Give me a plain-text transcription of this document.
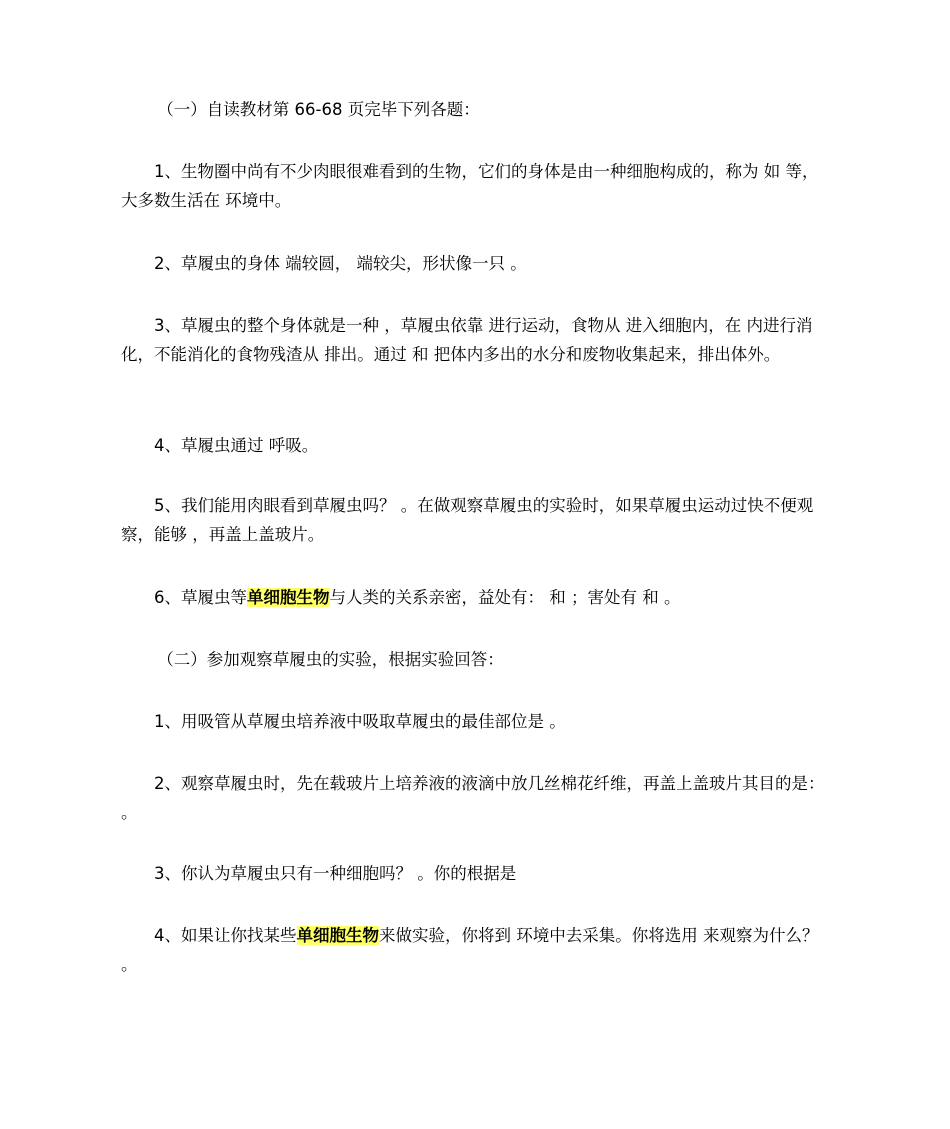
（一）自读教材第 66-68 页完毕下列各题：

1、生物圈中尚有不少肉眼很难看到的生物，它们的身体是由一种细胞构成的，称为 如 等，大多数生活在 环境中。

2、草履虫的身体 端较圆， 端较尖，形状像一只 。

3、草履虫的整个身体就是一种 ，草履虫依靠 进行运动，食物从 进入细胞内，在 内进行消化，不能消化的食物残渣从 排出。通过 和 把体内多出的水分和废物收集起来，排出体外。

4、草履虫通过 呼吸。

5、我们能用肉眼看到草履虫吗？ 。在做观察草履虫的实验时，如果草履虫运动过快不便观察，能够 ，再盖上盖玻片。

6、草履虫等单细胞生物与人类的关系亲密，益处有： 和 ；害处有 和 。

（二）参加观察草履虫的实验，根据实验回答：

1、用吸管从草履虫培养液中吸取草履虫的最佳部位是 。

2、观察草履虫时，先在载玻片上培养液的液滴中放几丝棉花纤维，再盖上盖玻片其目的是： 。

3、你认为草履虫只有一种细胞吗？ 。你的根据是

4、如果让你找某些单细胞生物来做实验，你将到 环境中去采集。你将选用 来观察为什么？ 。
